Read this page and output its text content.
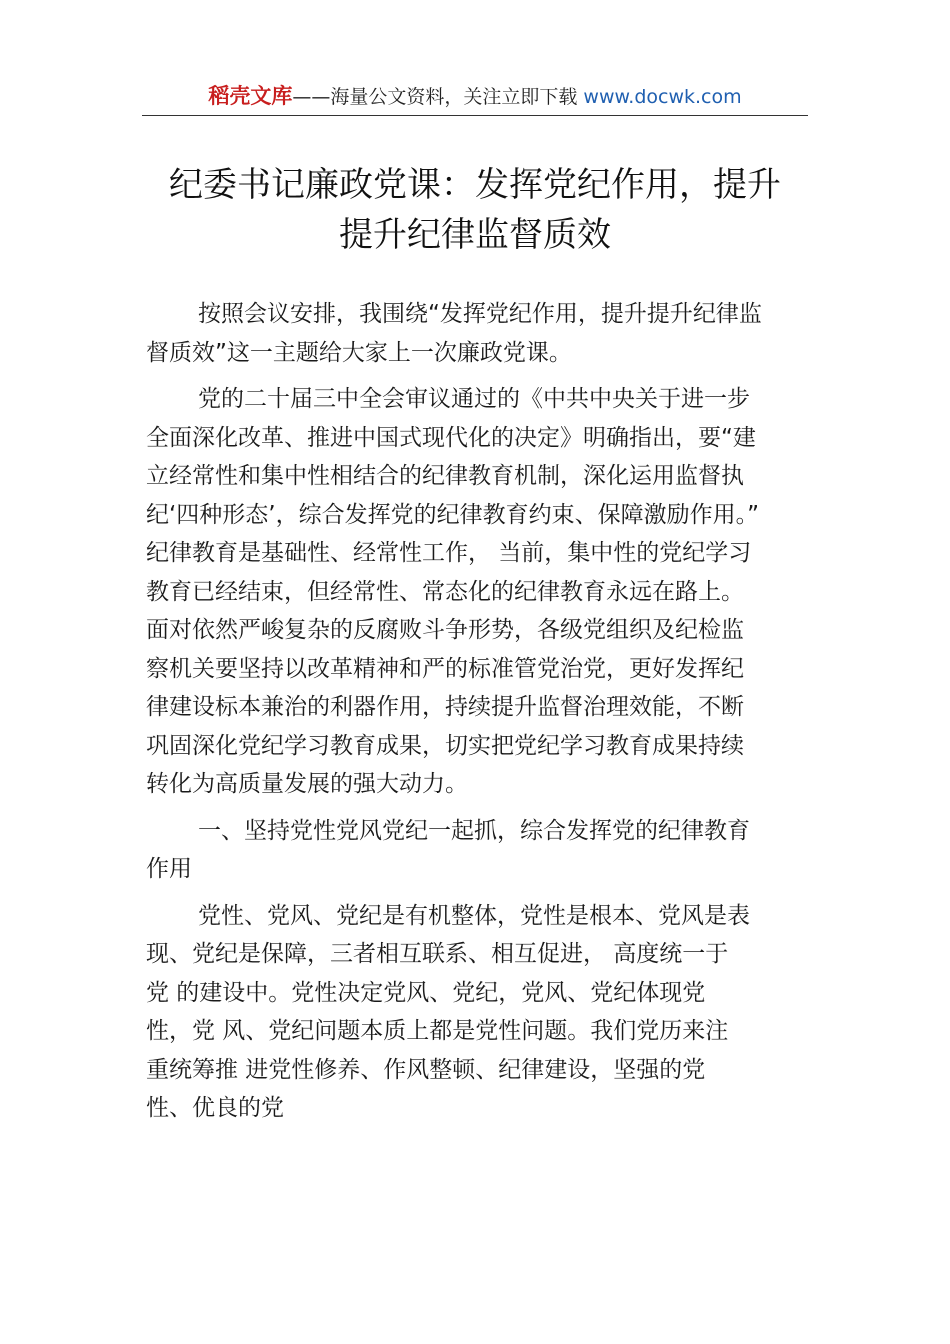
稻壳文库——海量公文资料，关注立即下载 www.docwk.com
纪委书记廉政党课：发挥党纪作用，提升
提升纪律监督质效
按照会议安排，我围绕“发挥党纪作用，提升提升纪律监
督质效”这一主题给大家上一次廉政党课。
党的二十届三中全会审议通过的《中共中央关于进一步
全面深化改革、推进中国式现代化的决定》明确指出，要“建
立经常性和集中性相结合的纪律教育机制，深化运用监督执
纪‘四种形态’，综合发挥党的纪律教育约束、保障激励作用。”
纪律教育是基础性、经常性工作， 当前，集中性的党纪学习
教育已经结束，但经常性、常态化的纪律教育永远在路上。
面对依然严峻复杂的反腐败斗争形势，各级党组织及纪检监
察机关要坚持以改革精神和严的标准管党治党，更好发挥纪
律建设标本兼治的利器作用，持续提升监督治理效能，不断
巩固深化党纪学习教育成果，切实把党纪学习教育成果持续
转化为高质量发展的强大动力。
一、坚持党性党风党纪一起抓，综合发挥党的纪律教育
作用
党性、党风、党纪是有机整体，党性是根本、党风是表
现、党纪是保障，三者相互联系、相互促进， 高度统一于
党 的建设中。党性决定党风、党纪，党风、党纪体现党
性，党 风、党纪问题本质上都是党性问题。我们党历来注
重统筹推 进党性修养、作风整顿、纪律建设，坚强的党
性、优良的党
